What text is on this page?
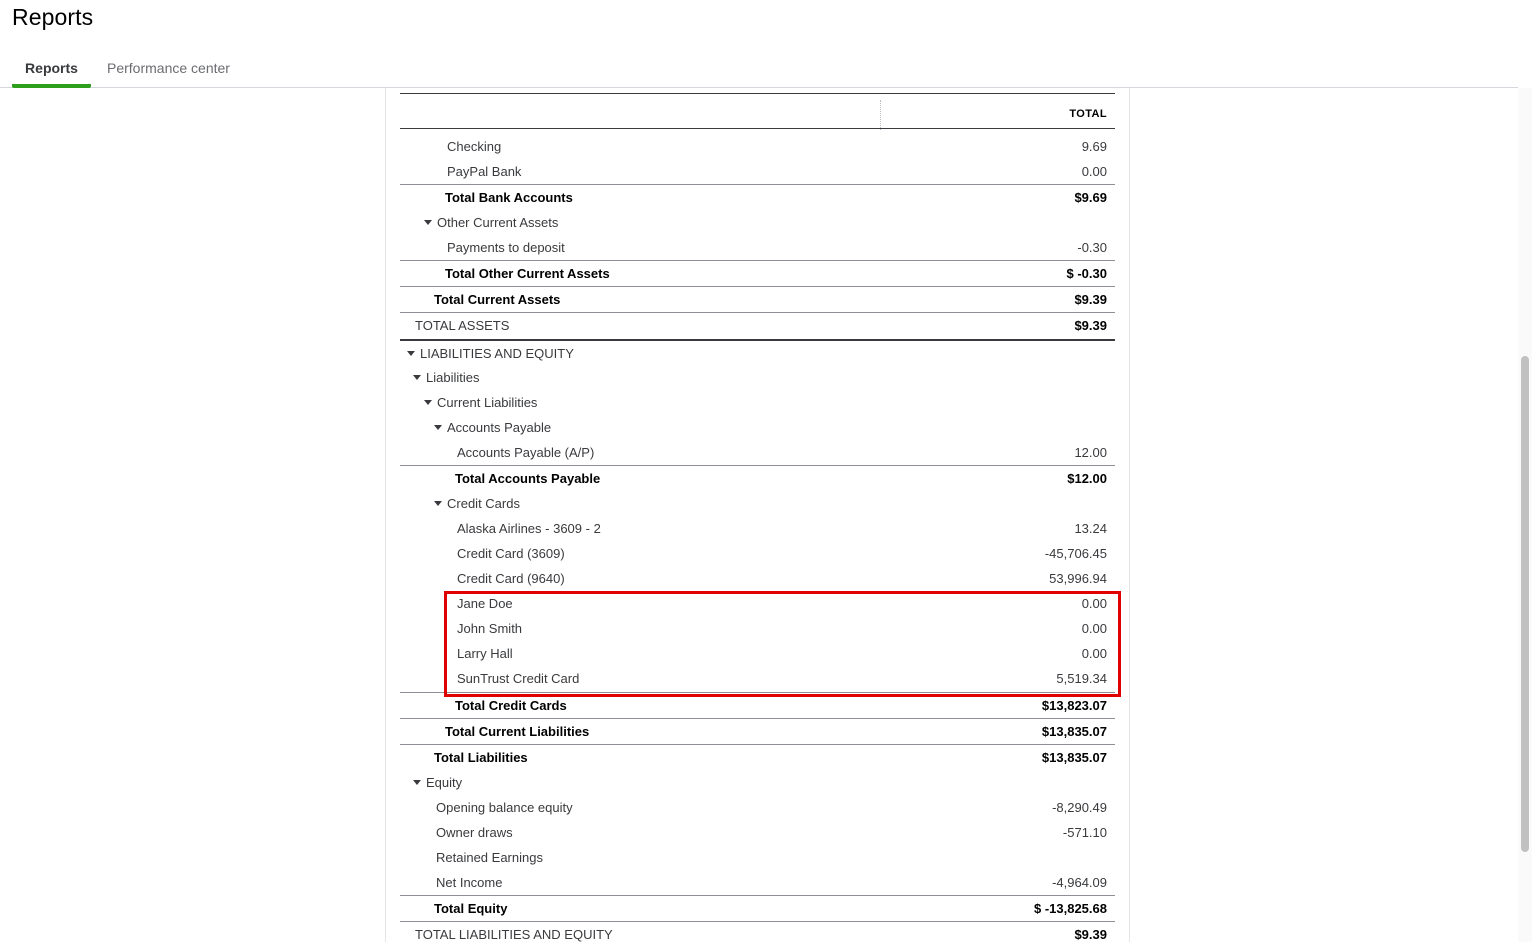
Reports
Reports	Performance center
TOTAL
Checking	9.69
PayPal Bank	0.00
Total Bank Accounts	$9.69
Other Current Assets
Payments to deposit	-0.30
Total Other Current Assets	$ -0.30
Total Current Assets	$9.39
TOTAL ASSETS	$9.39
LIABILITIES AND EQUITY
Liabilities
Current Liabilities
Accounts Payable
Accounts Payable (A/P)	12.00
Total Accounts Payable	$12.00
Credit Cards
Alaska Airlines - 3609 - 2	13.24
Credit Card (3609)	-45,706.45
Credit Card (9640)	53,996.94
Jane Doe	0.00
John Smith	0.00
Larry Hall	0.00
SunTrust Credit Card	5,519.34
Total Credit Cards	$13,823.07
Total Current Liabilities	$13,835.07
Total Liabilities	$13,835.07
Equity
Opening balance equity	-8,290.49
Owner draws	-571.10
Retained Earnings
Net Income	-4,964.09
Total Equity	$ -13,825.68
TOTAL LIABILITIES AND EQUITY	$9.39
